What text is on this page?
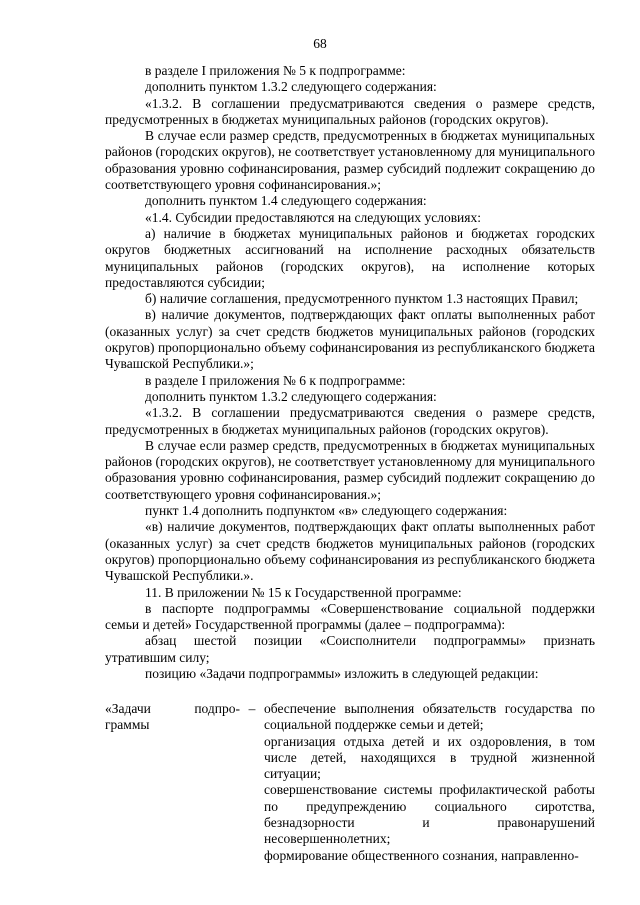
68

в разделе I приложения № 5 к подпрограмме:

дополнить пунктом 1.3.2 следующего содержания:

«1.3.2. В соглашении предусматриваются сведения о размере средств, предусмотренных в бюджетах муниципальных районов (городских округов).

В случае если размер средств, предусмотренных в бюджетах муниципальных районов (городских округов), не соответствует установленному для муниципального образования уровню софинансирования, размер субсидий подлежит сокращению до соответствующего уровня софинансирования.»;

дополнить пунктом 1.4 следующего содержания:

«1.4. Субсидии предоставляются на следующих условиях:

а) наличие в бюджетах муниципальных районов и бюджетах городских округов бюджетных ассигнований на исполнение расходных обязательств муниципальных районов (городских округов), на исполнение которых предоставляются субсидии;

б) наличие соглашения, предусмотренного пунктом 1.3 настоящих Правил;

в) наличие документов, подтверждающих факт оплаты выполненных работ (оказанных услуг) за счет средств бюджетов муниципальных районов (городских округов) пропорционально объему софинансирования из республиканского бюджета Чувашской Республики.»;

в разделе I приложения № 6 к подпрограмме:

дополнить пунктом 1.3.2 следующего содержания:

«1.3.2. В соглашении предусматриваются сведения о размере средств, предусмотренных в бюджетах муниципальных районов (городских округов).

В случае если размер средств, предусмотренных в бюджетах муниципальных районов (городских округов), не соответствует установленному для муниципального образования уровню софинансирования, размер субсидий подлежит сокращению до соответствующего уровня софинансирования.»;

пункт 1.4 дополнить подпунктом «в» следующего содержания:

«в) наличие документов, подтверждающих факт оплаты выполненных работ (оказанных услуг) за счет средств бюджетов муниципальных районов (городских округов) пропорционально объему софинансирования из республиканского бюджета Чувашской Республики.».

11. В приложении № 15 к Государственной программе:

в паспорте подпрограммы «Совершенствование социальной поддержки семьи и детей» Государственной программы (далее – подпрограмма):

абзац шестой позиции «Соисполнители подпрограммы» признать утратившим силу;

позицию «Задачи подпрограммы» изложить в следующей редакции:

«Задачи	подпро-
граммы
– обеспечение выполнения обязательств государства по социальной поддержке семьи и детей;

организация отдыха детей и их оздоровления, в том числе детей, находящихся в трудной жизненной ситуации;

совершенствование системы профилактической работы по предупреждению социального сиротства, безнадзорности и правонарушений несовершеннолетних;

формирование общественного сознания, направленно-
